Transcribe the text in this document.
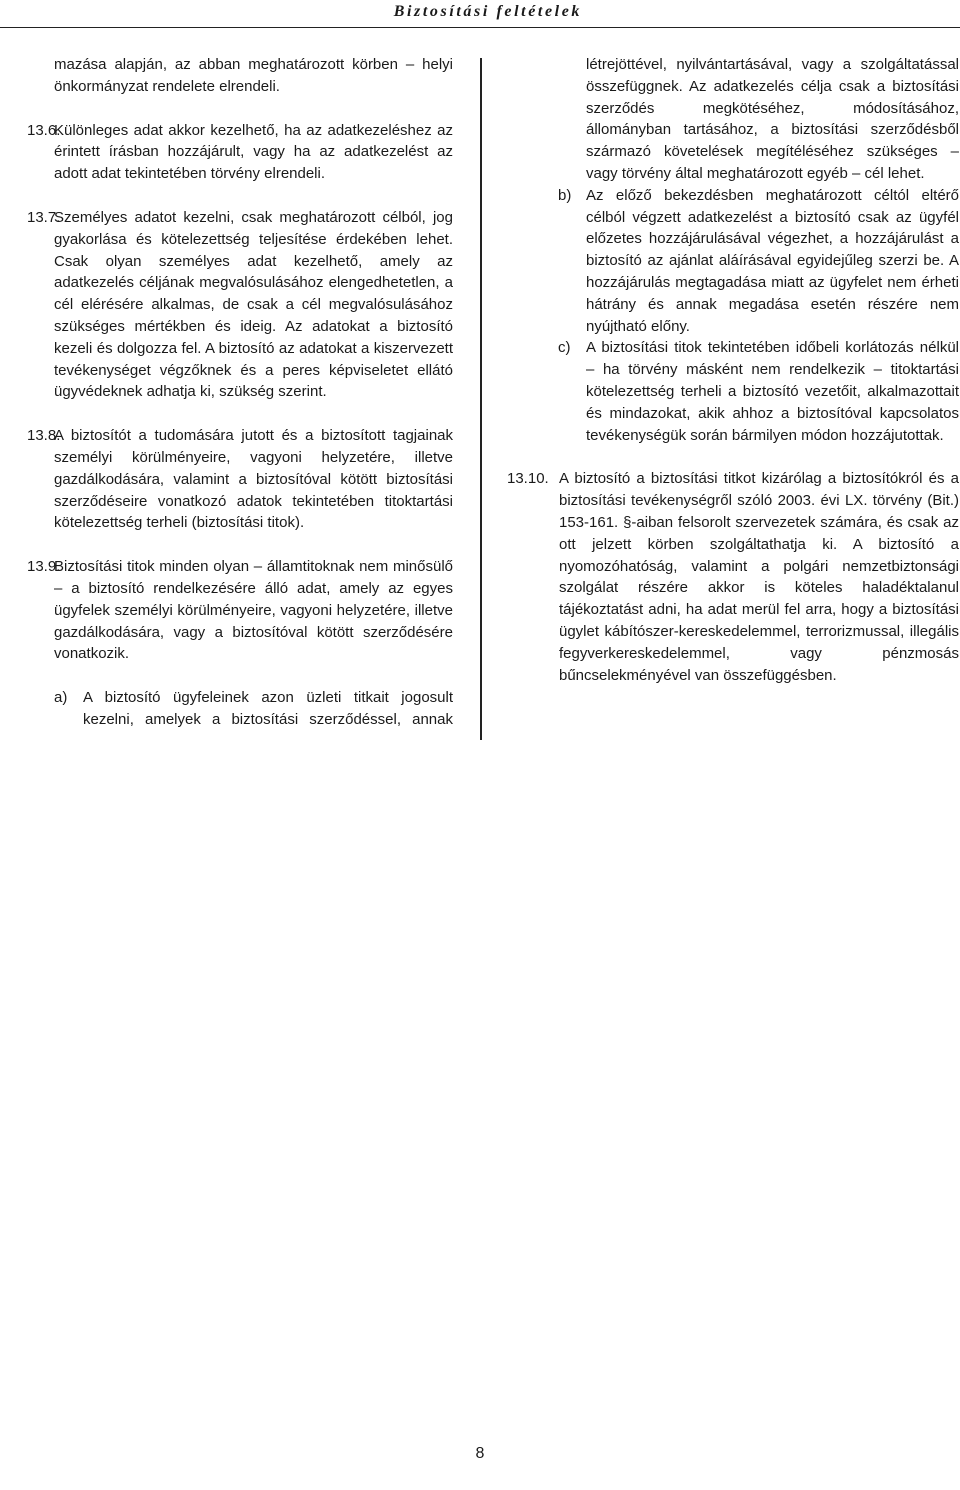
Biztosítási feltételek

mazása alapján, az abban meghatározott körben – helyi önkormányzat rendelete elrendeli.

13.6.

Különleges adat akkor kezelhető, ha az adatkezeléshez az érintett írásban hozzájárult, vagy ha az adatkezelést az adott adat tekintetében törvény elrendeli.

13.7.

Személyes adatot kezelni, csak meghatározott célból, jog gyakorlása és kötelezettség teljesítése érdekében lehet. Csak olyan személyes adat kezelhető, amely az adatkezelés céljának megvalósulásához elengedhetetlen, a cél elérésére alkalmas, de csak a cél megvalósulásához szükséges mértékben és ideig. Az adatokat a biztosító kezeli és dolgozza fel. A biztosító az adatokat a kiszervezett tevékenységet végzőknek és a peres képviseletet ellátó ügyvédeknek adhatja ki, szükség szerint.

13.8.

A biztosítót a tudomására jutott és a biztosított tagjainak személyi körülményeire, vagyoni helyzetére, illetve gazdálkodására, valamint a biztosítóval kötött biztosítási szerződéseire vonatkozó adatok tekintetében titoktartási kötelezettség terheli (biztosítási titok).

13.9.

Biztosítási titok minden olyan – államtitoknak nem minősülő – a biztosító rendelkezésére álló adat, amely az egyes ügyfelek személyi körülményeire, vagyoni helyzetére, illetve gazdálkodására, vagy a biztosítóval kötött szerződésére vonatkozik.

a) A biztosító ügyfeleinek azon üzleti titkait jogosult kezelni, amelyek a biztosítási szerződéssel, annak

létrejöttével, nyilvántartásával, vagy a szolgáltatással összefüggnek. Az adatkezelés célja csak a biztosítási szerződés megkötéséhez, módosításához, állományban tartásához, a biztosítási szerződésből származó követelések megítéléséhez szükséges – vagy törvény által meghatározott egyéb – cél lehet.

b) Az előző bekezdésben meghatározott céltól eltérő célból végzett adatkezelést a biztosító csak az ügyfél előzetes hozzájárulásával végezhet, a hozzájárulást a biztosító az ajánlat aláírásával egyidejűleg szerzi be. A hozzájárulás megtagadása miatt az ügyfelet nem érheti hátrány és annak megadása esetén részére nem nyújtható előny.

c) A biztosítási titok tekintetében időbeli korlátozás nélkül – ha törvény másként nem rendelkezik – titoktartási kötelezettség terheli a biztosító vezetőit, alkalmazottait és mindazokat, akik ahhoz a biztosítóval kapcsolatos tevékenységük során bármilyen módon hozzájutottak.

13.10. A biztosító a biztosítási titkot kizárólag a biztosítókról és a biztosítási tevékenységről szóló 2003. évi LX. törvény (Bit.) 153-161. §-aiban felsorolt szervezetek számára, és csak az ott jelzett körben szolgáltathatja ki. A biztosító a nyomozóhatóság, valamint a polgári nemzetbiztonsági szolgálat részére akkor is köteles haladéktalanul tájékoztatást adni, ha adat merül fel arra, hogy a biztosítási ügylet kábítószer-kereskedelemmel, terrorizmussal, illegális fegyverkereskedelemmel, vagy pénzmosás bűncselekményével van összefüggésben.

8
